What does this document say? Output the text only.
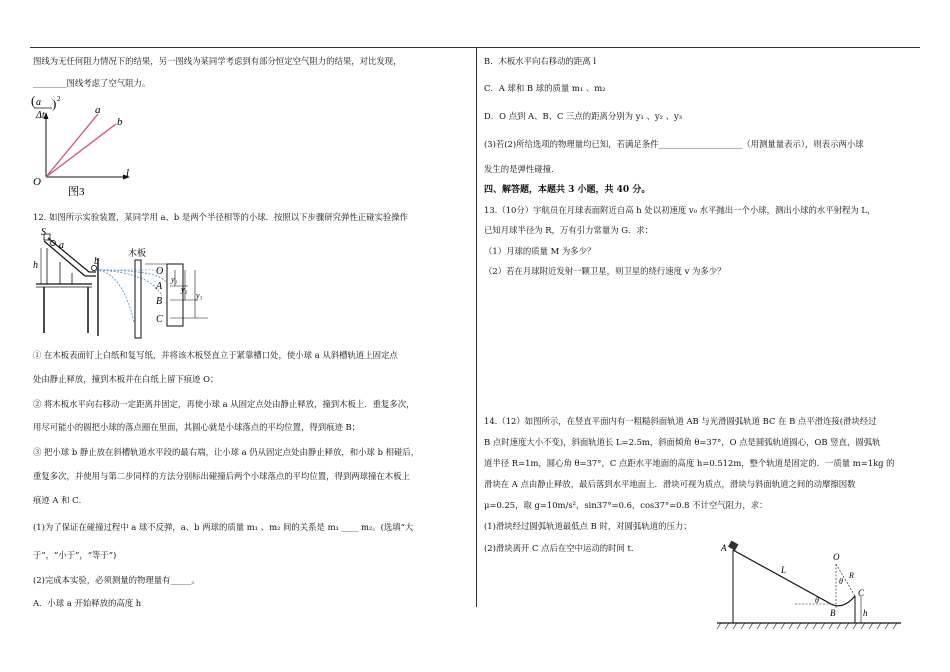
图线为无任何阻力情况下的结果，另一图线为某同学考虑到有部分恒定空气阻力的结果，对比发现，
________图线考虑了空气阻力。
a
(
Δt
) 2
a
b
O
l
图3
12. 如图所示实验装置，某同学用 a、b 是两个半径相等的小球．按照以下步骤研究弹性正碰实验操作
S
a
b
h
木板
O
A
B
C
y₁
y₂
y₃
① 在木板表面钉上白纸和复写纸，并将该木板竖直立于紧靠槽口处，使小球 a 从斜槽轨道上固定点
处由静止释放，撞到木板并在白纸上留下痕迹 O；
② 将木板水平向右移动一定距离并固定，再使小球 a 从固定点处由静止释放，撞到木板上．重复多次，
用尽可能小的圆把小球的落点圈在里面，其圆心就是小球落点的平均位置，得到痕迹 B；
③ 把小球 b 静止放在斜槽轨道水平段的最右端，让小球 a 仍从固定点处由静止释放，和小球 b 相碰后，
重复多次，并使用与第二步同样的方法分别标出碰撞后两个小球落点的平均位置，得到两球撞在木板上
痕迹 A 和 C．
(1)为了保证在碰撞过程中 a 球不反弹，a、b 两球的质量 m₁ 、m₂ 间的关系是 m₁ ____ m₂。(选填“大
于”，“小于”，“等于”)
(2)完成本实验，必须测量的物理量有_____。
A．小球 a 开始释放的高度 h
B．木板水平向右移动的距离 l
C．A 球和 B 球的质量 m₁ 、m₂
D．O 点到 A、B、C 三点的距离分别为 y₁ 、y₂ 、y₃
(3)若(2)所给选项的物理量均已知，若满足条件____________________（用测量量表示），则表示两小球
发生的是弹性碰撞．
四、解答题，本题共 3 小题，共 40 分。
13.（10分）宇航员在月球表面附近自高 h 处以初速度 v₀ 水平抛出一个小球，测出小球的水平射程为 L，
已知月球半径为 R，万有引力常量为 G．求：
（1）月球的质量 M 为多少？
（2）若在月球附近发射一颗卫星，则卫星的绕行速度 v 为多少？
14.（12）如图所示，在竖直平面内有一粗糙斜面轨道 AB 与光滑圆弧轨道 BC 在 B 点平滑连接(滑块经过
B 点时速度大小不变)，斜面轨道长 L=2.5m，斜面倾角 θ=37°，O 点是圆弧轨道圆心，OB 竖直，圆弧轨
道半径 R=1m，圆心角 θ=37°，C 点距水平地面的高度 h=0.512m，整个轨道是固定的．一质量 m=1kg 的
滑块在 A 点由静止释放，最后落到水平地面上．滑块可视为质点，滑块与斜面轨道之间的动摩擦因数
μ=0.25，取 g=10m/s²，sin37°=0.6，cos37°=0.8 不计空气阻力，求：
(1)滑块经过圆弧轨道最低点 B 时，对圆弧轨道的压力；
(2)滑块离开 C 点后在空中运动的时间 t.	A
L
O
R
θ
θ
B
C
h
